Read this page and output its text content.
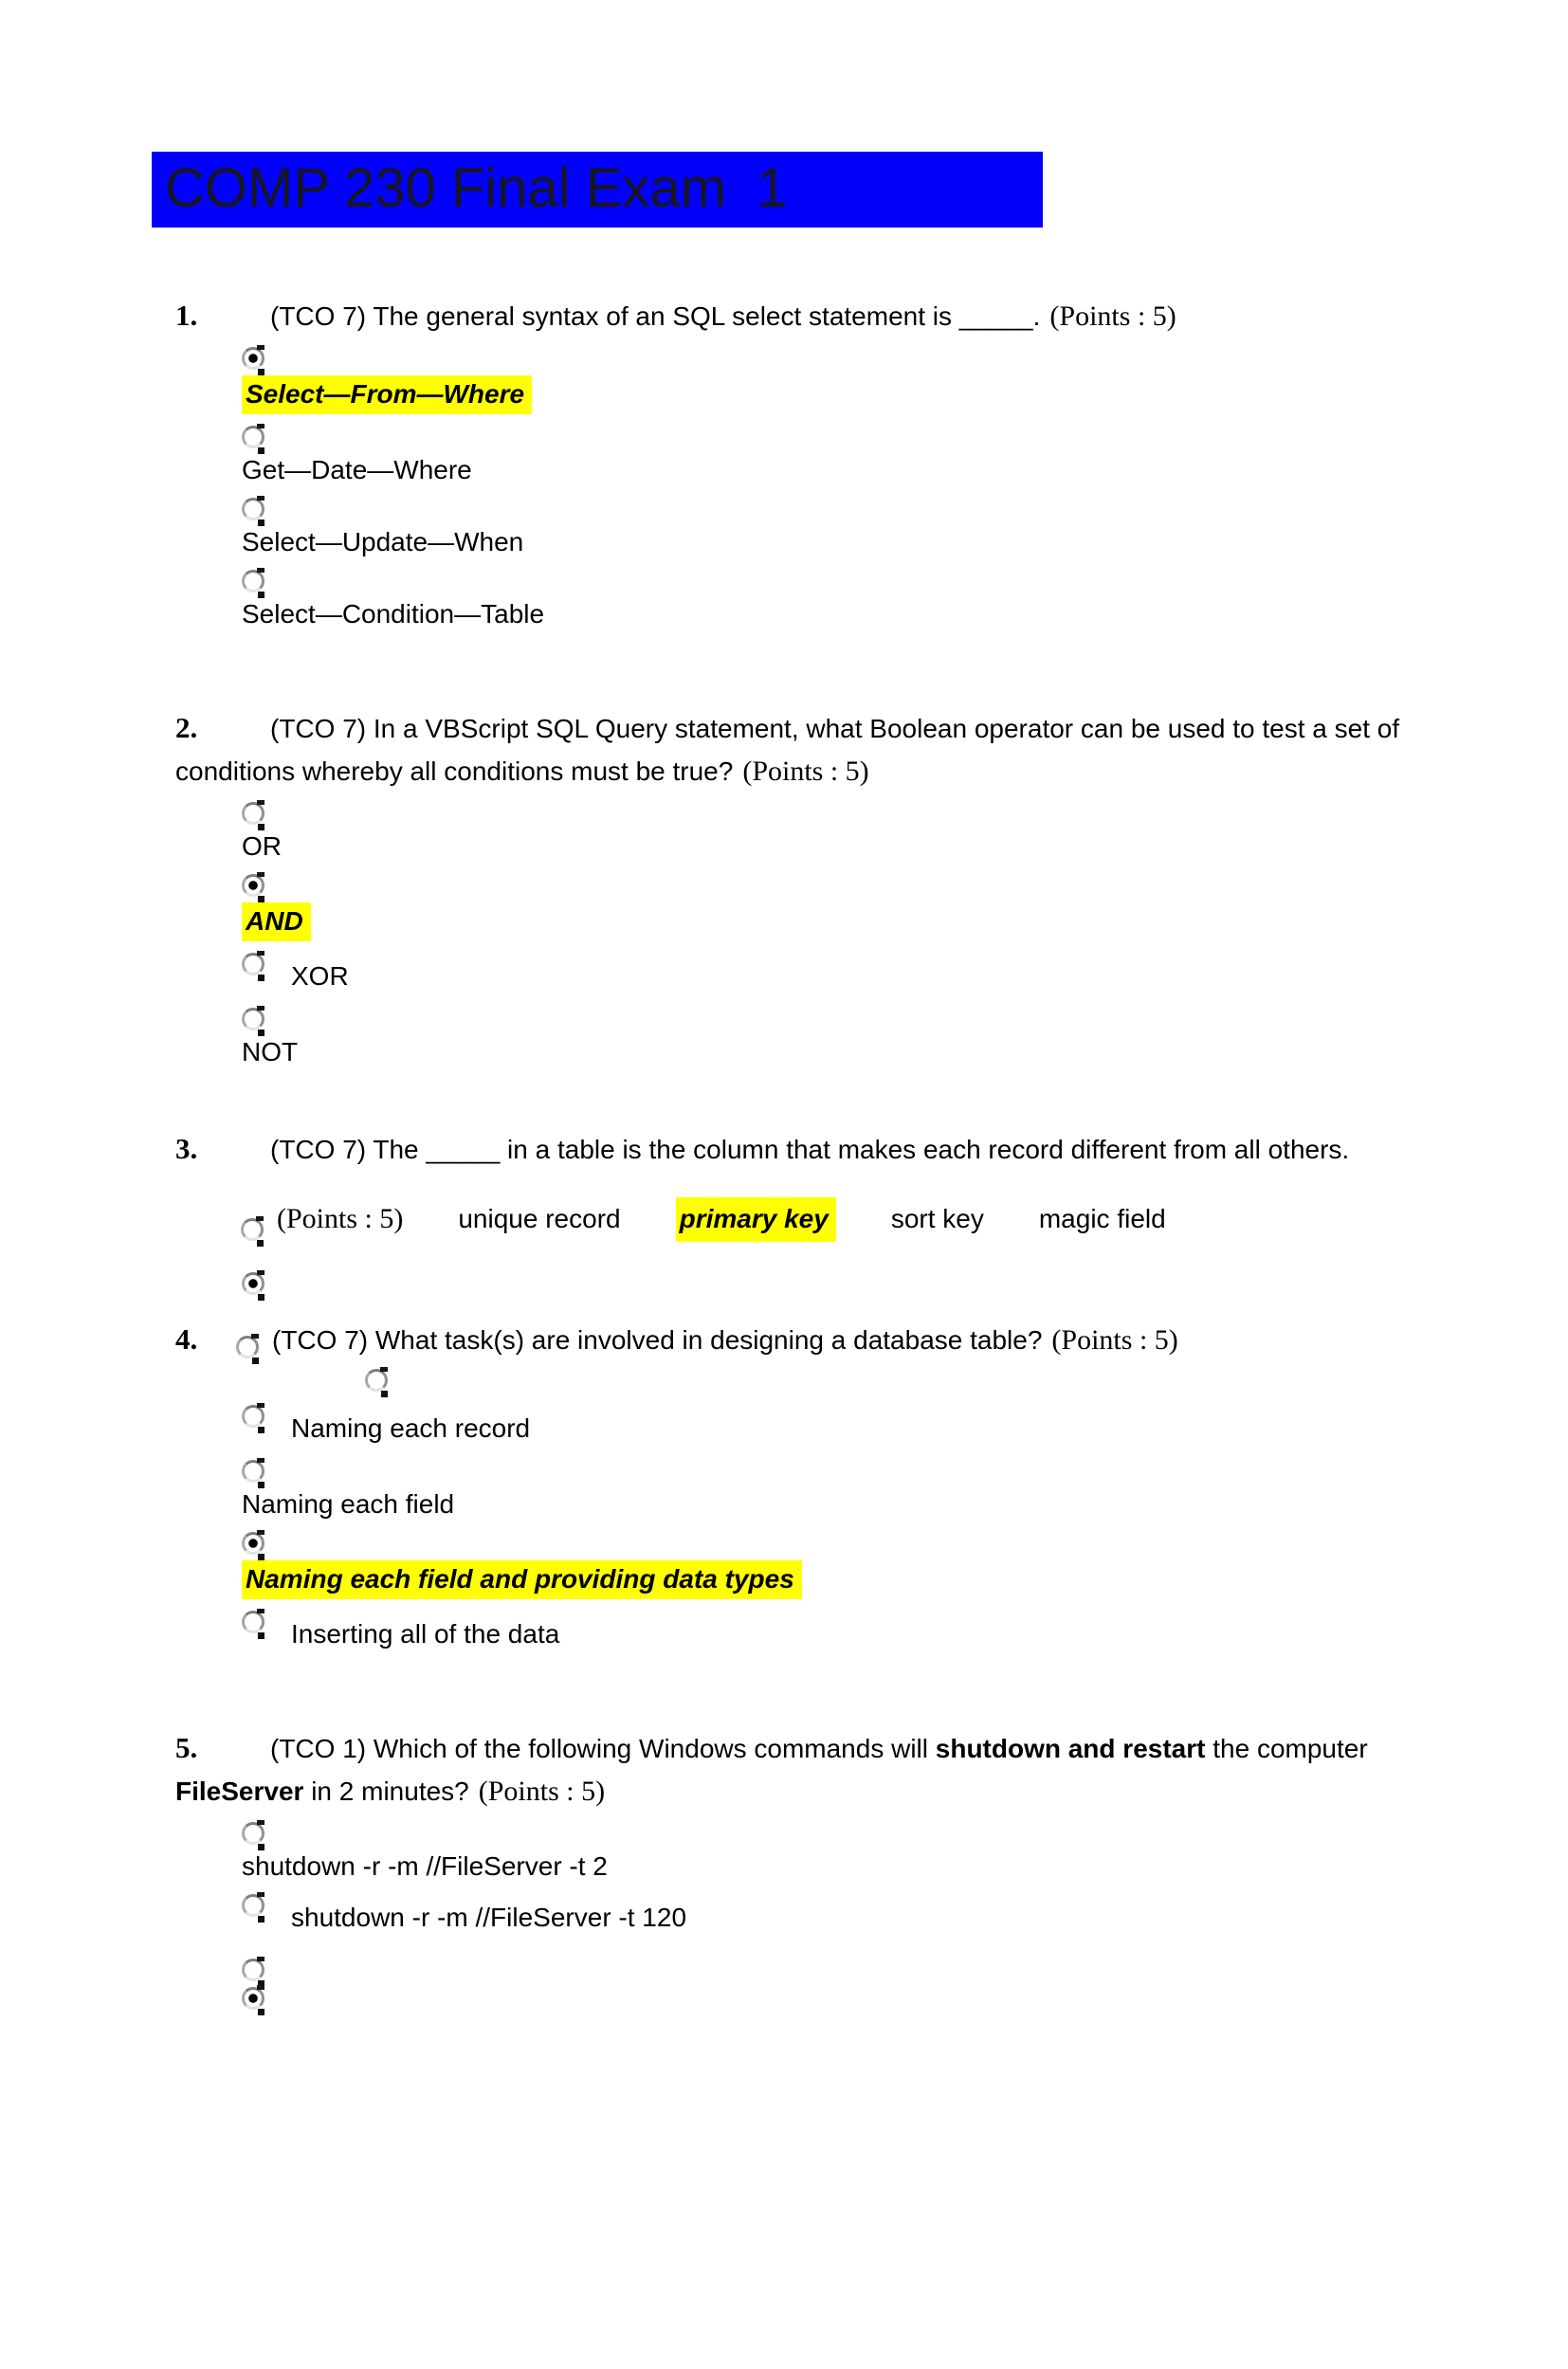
COMP 230 Final Exam  1
1.	(TCO 7) The general syntax of an SQL select statement is _____. (Points : 5)
Select—From—Where
Get—Date—Where
Select—Update—When
Select—Condition—Table
2.	(TCO 7) In a VBScript SQL Query statement, what Boolean operator can be used to test a set of conditions whereby all conditions must be true? (Points : 5)
OR
AND
XOR
NOT
3.	(TCO 7) The _____ in a table is the column that makes each record different from all others.
(Points : 5) unique record primary key sort key magic field
4.	(TCO 7) What task(s) are involved in designing a database table? (Points : 5)
Naming each record
Naming each field
Naming each field and providing data types
Inserting all of the data
5.	(TCO 1) Which of the following Windows commands will shutdown and restart the computer FileServer in 2 minutes? (Points : 5)
shutdown -r -m //FileServer -t 2
shutdown -r -m //FileServer -t 120
